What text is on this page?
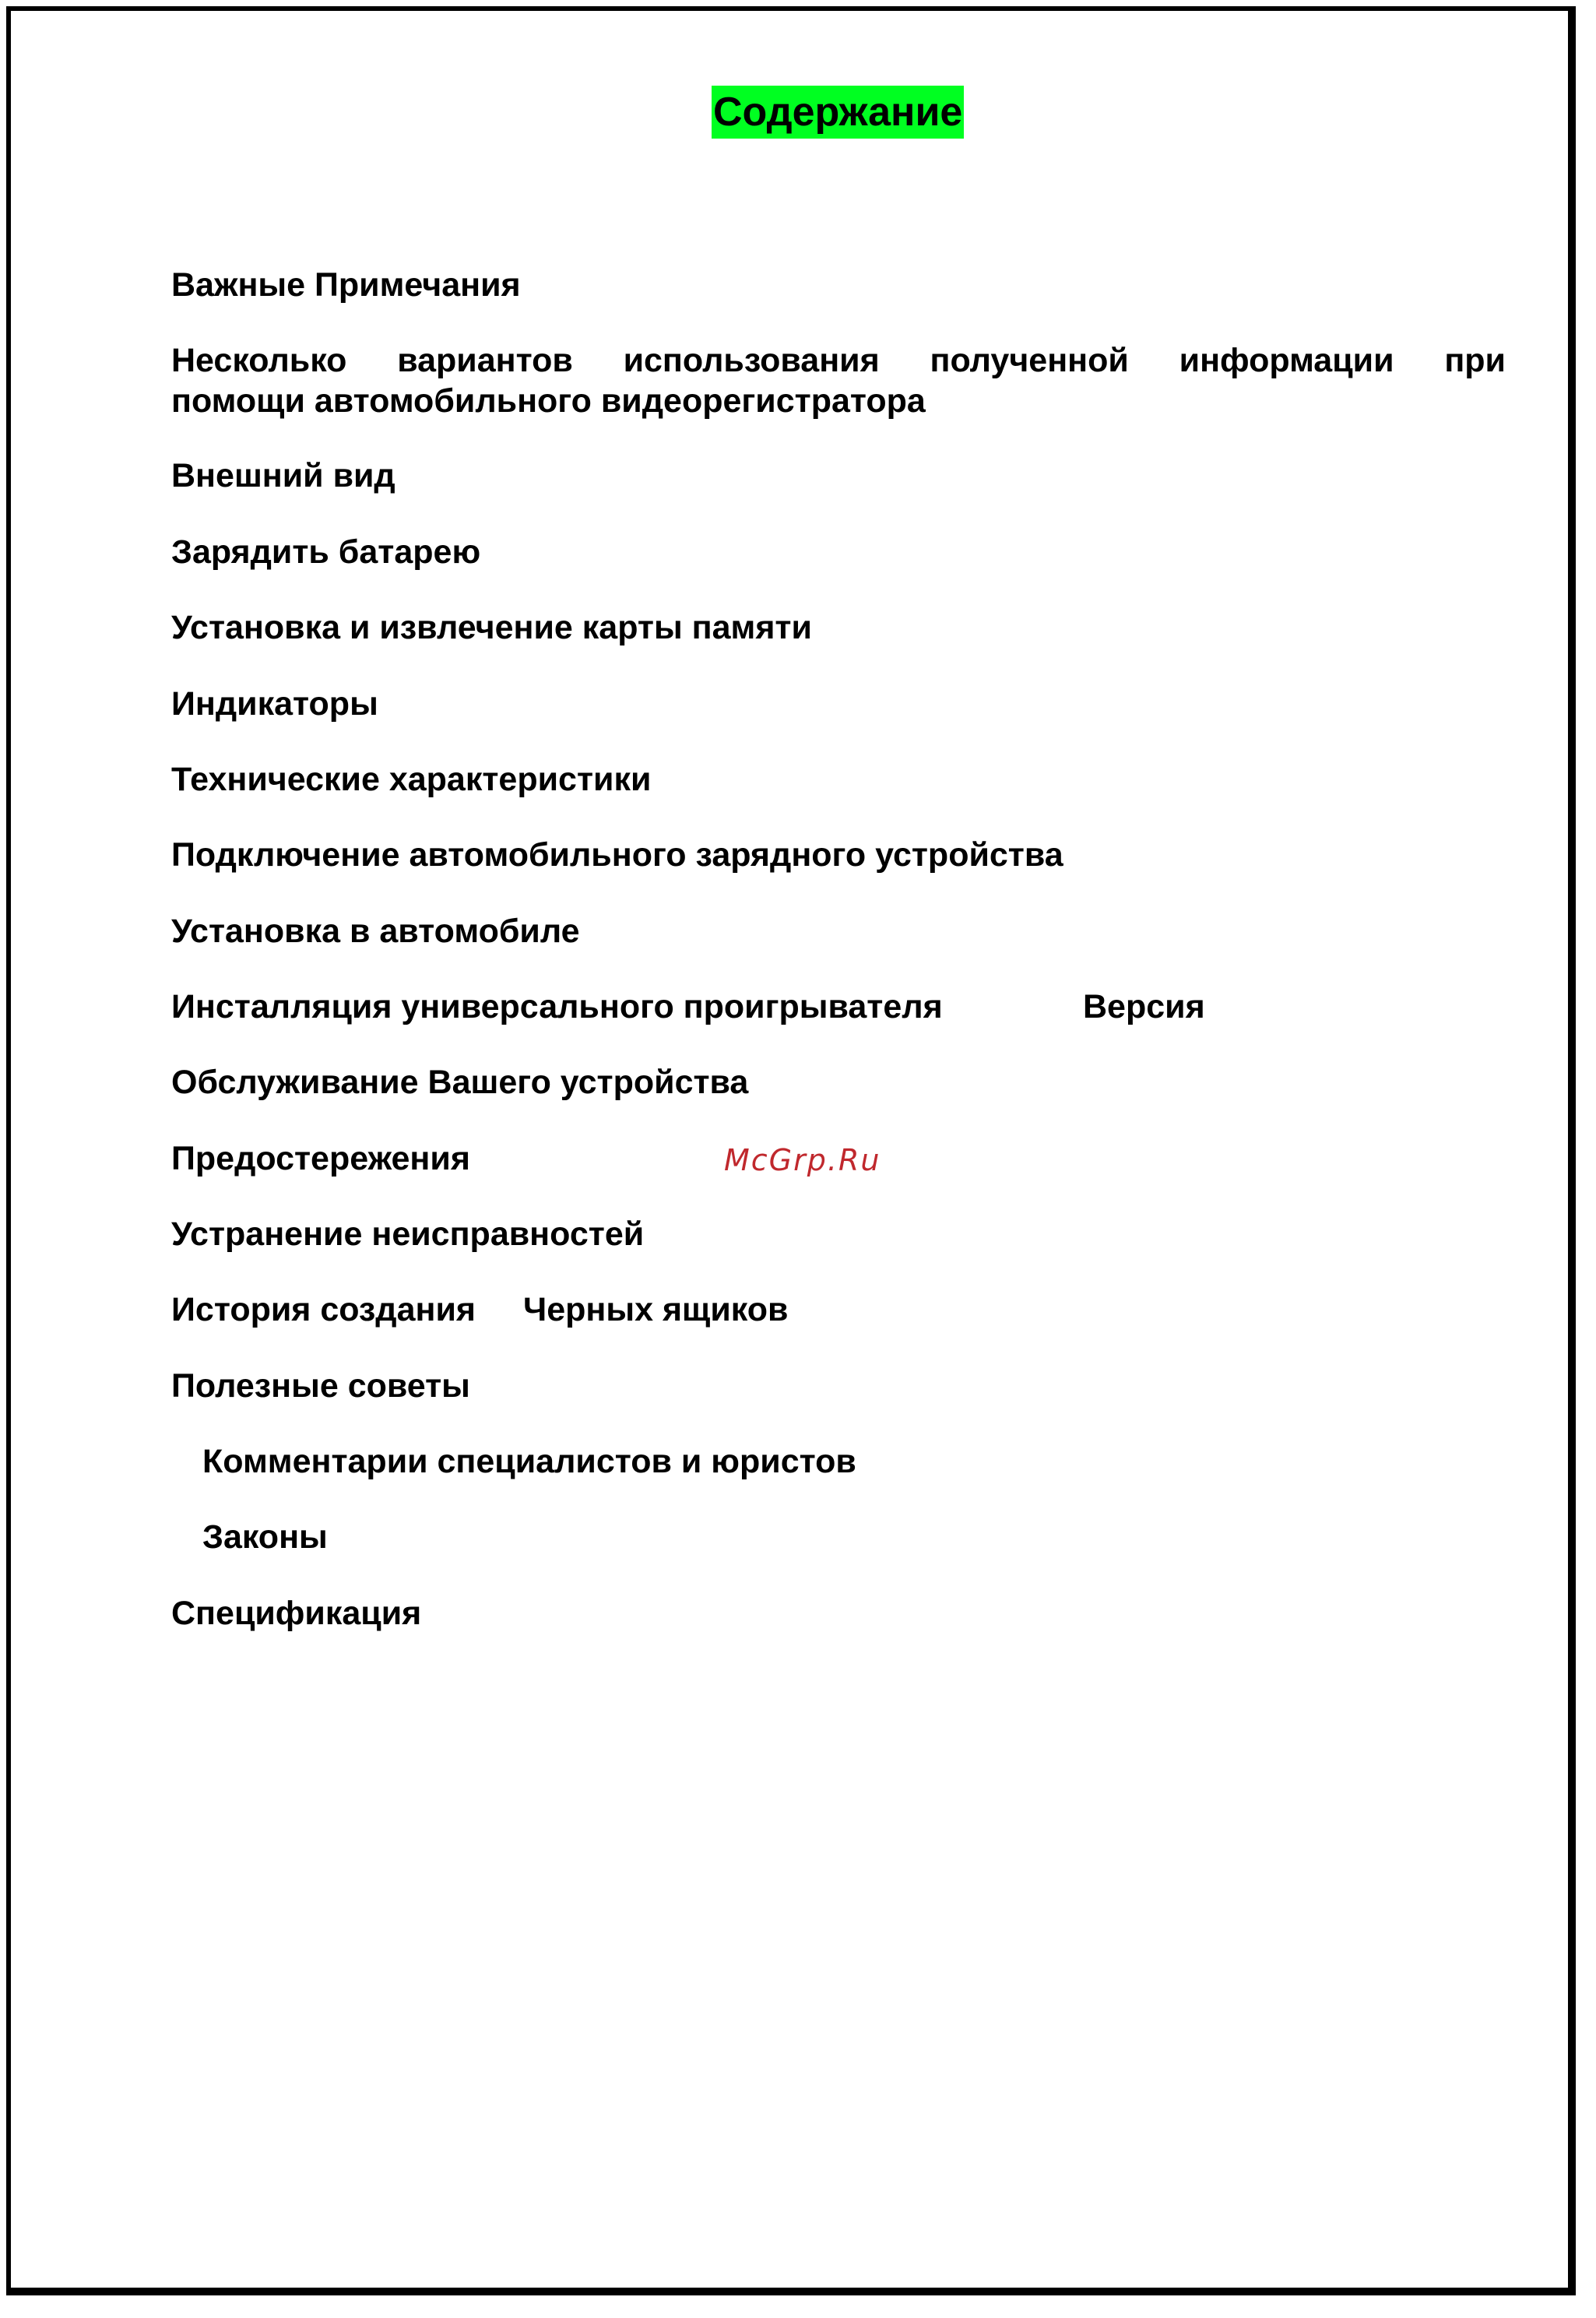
Содержание
Важные Примечания
Несколько вариантов использования полученной информации при
помощи автомобильного видеорегистратора
Внешний вид
Зарядить батарею
Установка и извлечение карты памяти
Индикаторы
Технические характеристики
Подключение автомобильного зарядного устройства
Установка в автомобиле
Инсталляция универсального проигрывателя	Версия
Обслуживание Вашего устройства
Предостережения	McGrp.Ru
Устранение неисправностей
История создания Черных ящиков
Полезные советы
Комментарии специалистов и юристов
Законы
Спецификация
